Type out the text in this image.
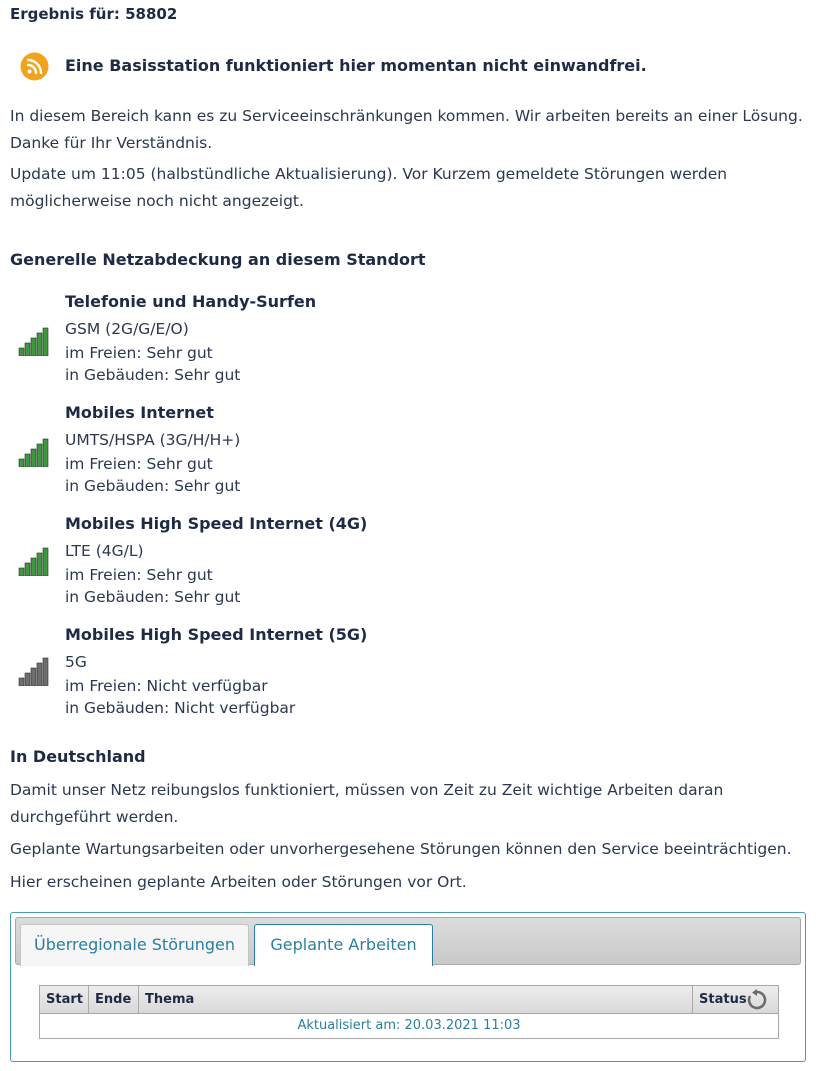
Ergebnis für: 58802
Eine Basisstation funktioniert hier momentan nicht einwandfrei.
In diesem Bereich kann es zu Serviceeinschränkungen kommen. Wir arbeiten bereits an einer Lösung. Danke für Ihr Verständnis.
Update um 11:05 (halbstündliche Aktualisierung). Vor Kurzem gemeldete Störungen werden möglicherweise noch nicht angezeigt.
Generelle Netzabdeckung an diesem Standort
Telefonie und Handy-Surfen
GSM (2G/G/E/O)
im Freien: Sehr gut
in Gebäuden: Sehr gut
Mobiles Internet
UMTS/HSPA (3G/H/H+)
im Freien: Sehr gut
in Gebäuden: Sehr gut
Mobiles High Speed Internet (4G)
LTE (4G/L)
im Freien: Sehr gut
in Gebäuden: Sehr gut
Mobiles High Speed Internet (5G)
5G
im Freien: Nicht verfügbar
in Gebäuden: Nicht verfügbar
In Deutschland
Damit unser Netz reibungslos funktioniert, müssen von Zeit zu Zeit wichtige Arbeiten daran durchgeführt werden.
Geplante Wartungsarbeiten oder unvorhergesehene Störungen können den Service beeinträchtigen.
Hier erscheinen geplante Arbeiten oder Störungen vor Ort.
Überregionale Störungen	Geplante Arbeiten
Start Ende	Thema	Status
Aktualisiert am: 20.03.2021 11:03
